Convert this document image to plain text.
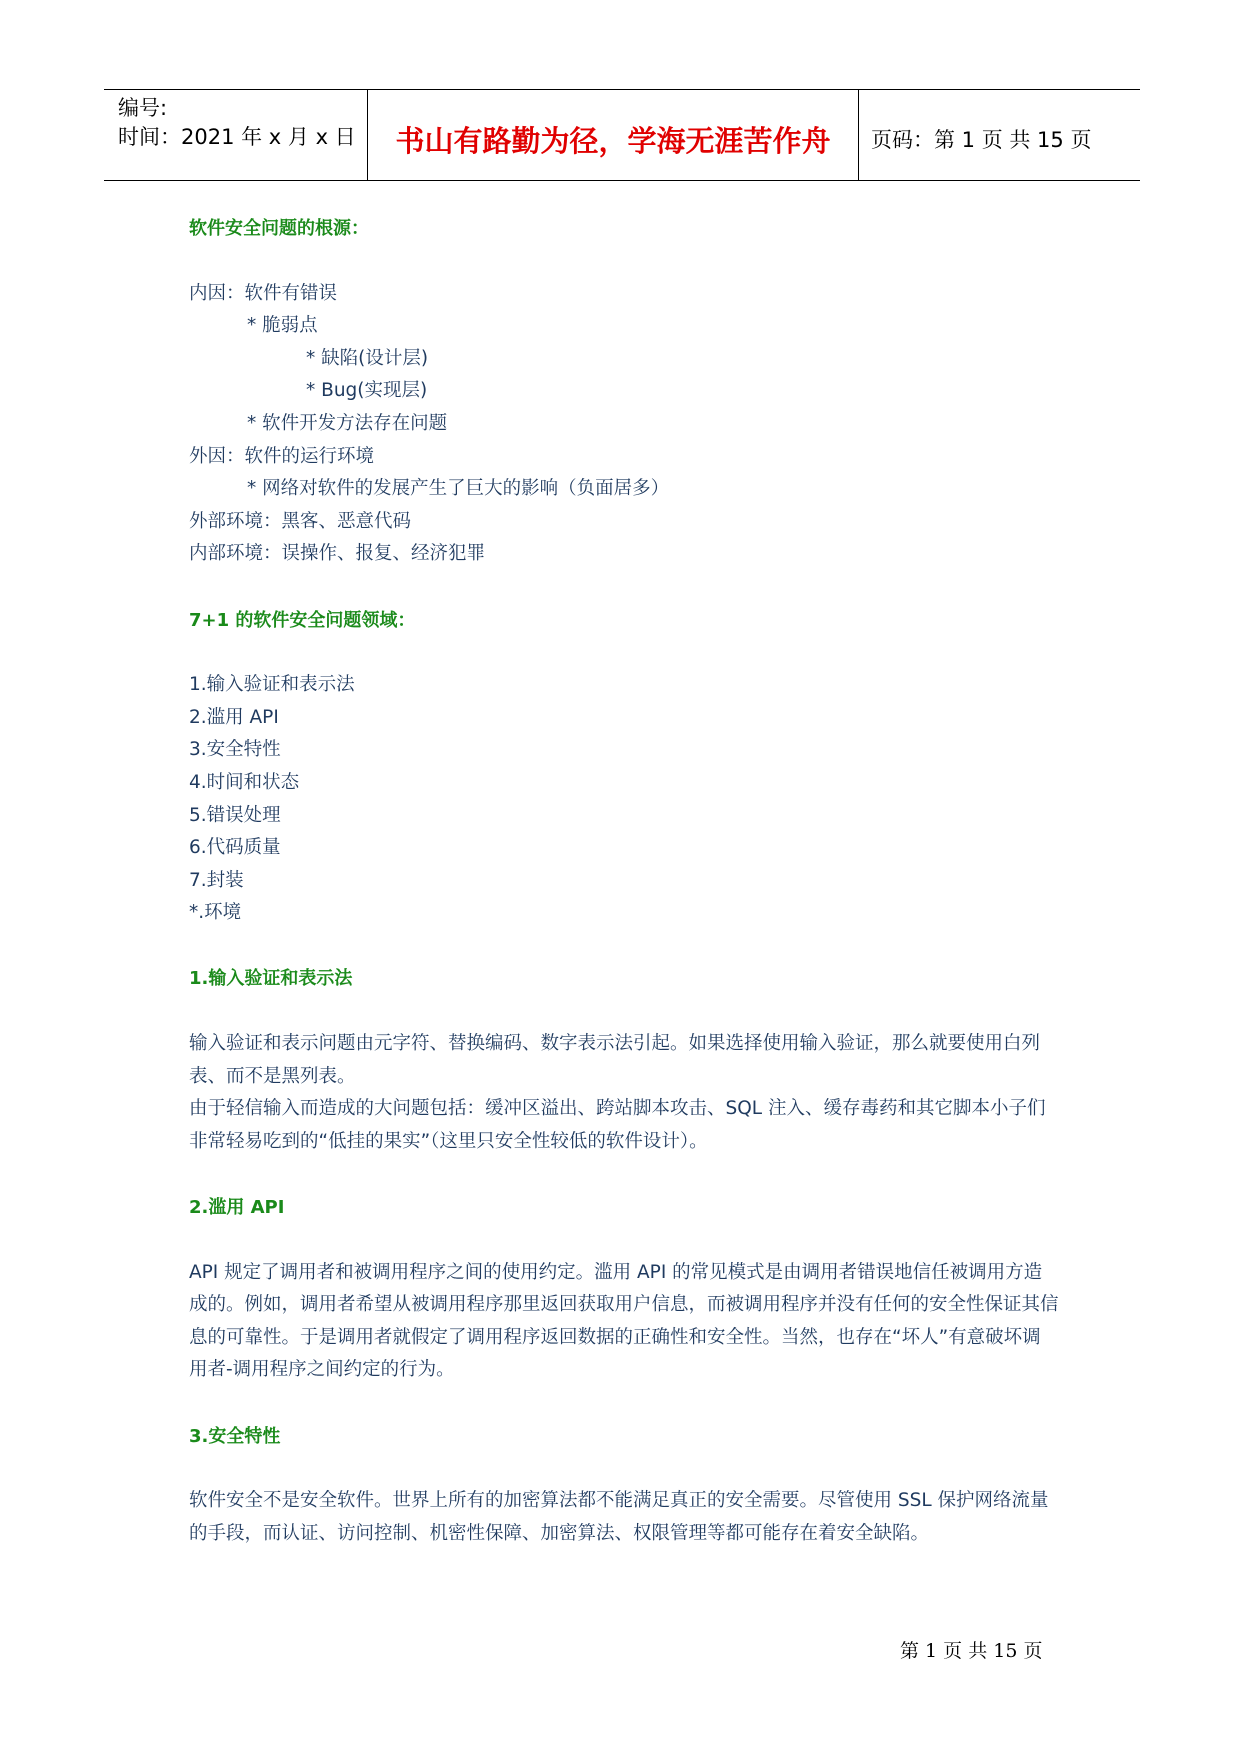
编号:
时间：2021 年 x 月 x 日	书山有路勤为径，学海无涯苦作舟	页码：第 1 页 共 15 页

软件安全问题的根源：

内因：软件有错误

* 脆弱点

* 缺陷(设计层)

* Bug(实现层)

* 软件开发方法存在问题

外因：软件的运行环境

* 网络对软件的发展产生了巨大的影响（负面居多）

外部环境：黑客、恶意代码

内部环境：误操作、报复、经济犯罪

7+1 的软件安全问题领域：

1.输入验证和表示法

2.滥用 API

3.安全特性

4.时间和状态

5.错误处理

6.代码质量

7.封装

*.环境

1.输入验证和表示法

输入验证和表示问题由元字符、替换编码、数字表示法引起。如果选择使用输入验证，那么就要使用白列表、而不是黑列表。

由于轻信输入而造成的大问题包括：缓冲区溢出、跨站脚本攻击、SQL 注入、缓存毒药和其它脚本小子们非常轻易吃到的“低挂的果实”（这里只安全性较低的软件设计）。

2.滥用 API

API 规定了调用者和被调用程序之间的使用约定。滥用 API 的常见模式是由调用者错误地信任被调用方造成的。例如，调用者希望从被调用程序那里返回获取用户信息，而被调用程序并没有任何的安全性保证其信息的可靠性。于是调用者就假定了调用程序返回数据的正确性和安全性。当然，也存在“坏人”有意破坏调用者-调用程序之间约定的行为。

3.安全特性

软件安全不是安全软件。世界上所有的加密算法都不能满足真正的安全需要。尽管使用 SSL 保护网络流量的手段，而认证、访问控制、机密性保障、加密算法、权限管理等都可能存在着安全缺陷。

第 1 页 共 15 页
